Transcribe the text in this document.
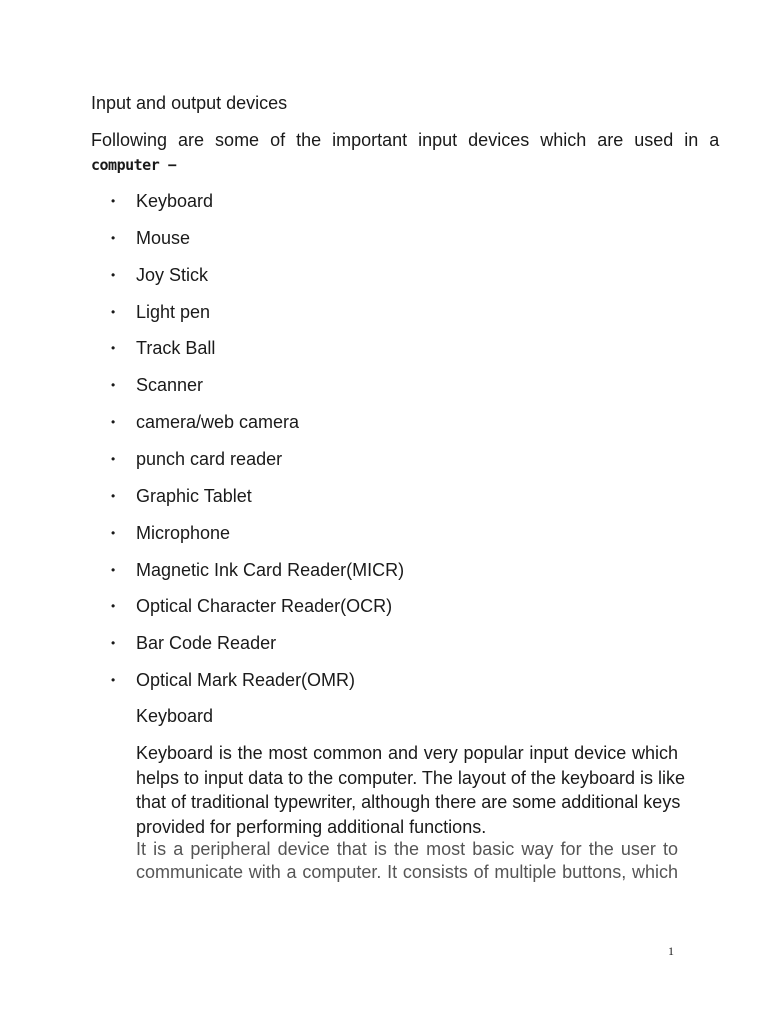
Input and output devices
Following are some of the important input devices which are used in a
computer −
• Keyboard
• Mouse
• Joy Stick
• Light pen
• Track Ball
• Scanner
• camera/web camera
• punch card reader
• Graphic Tablet
• Microphone
• Magnetic Ink Card Reader(MICR)
• Optical Character Reader(OCR)
• Bar Code Reader
• Optical Mark Reader(OMR)
Keyboard
Keyboard is the most common and very popular input device which
helps to input data to the computer. The layout of the keyboard is like
that of traditional typewriter, although there are some additional keys
provided for performing additional functions.
It is a peripheral device that is the most basic way for the user to
communicate with a computer. It consists of multiple buttons, which
1
